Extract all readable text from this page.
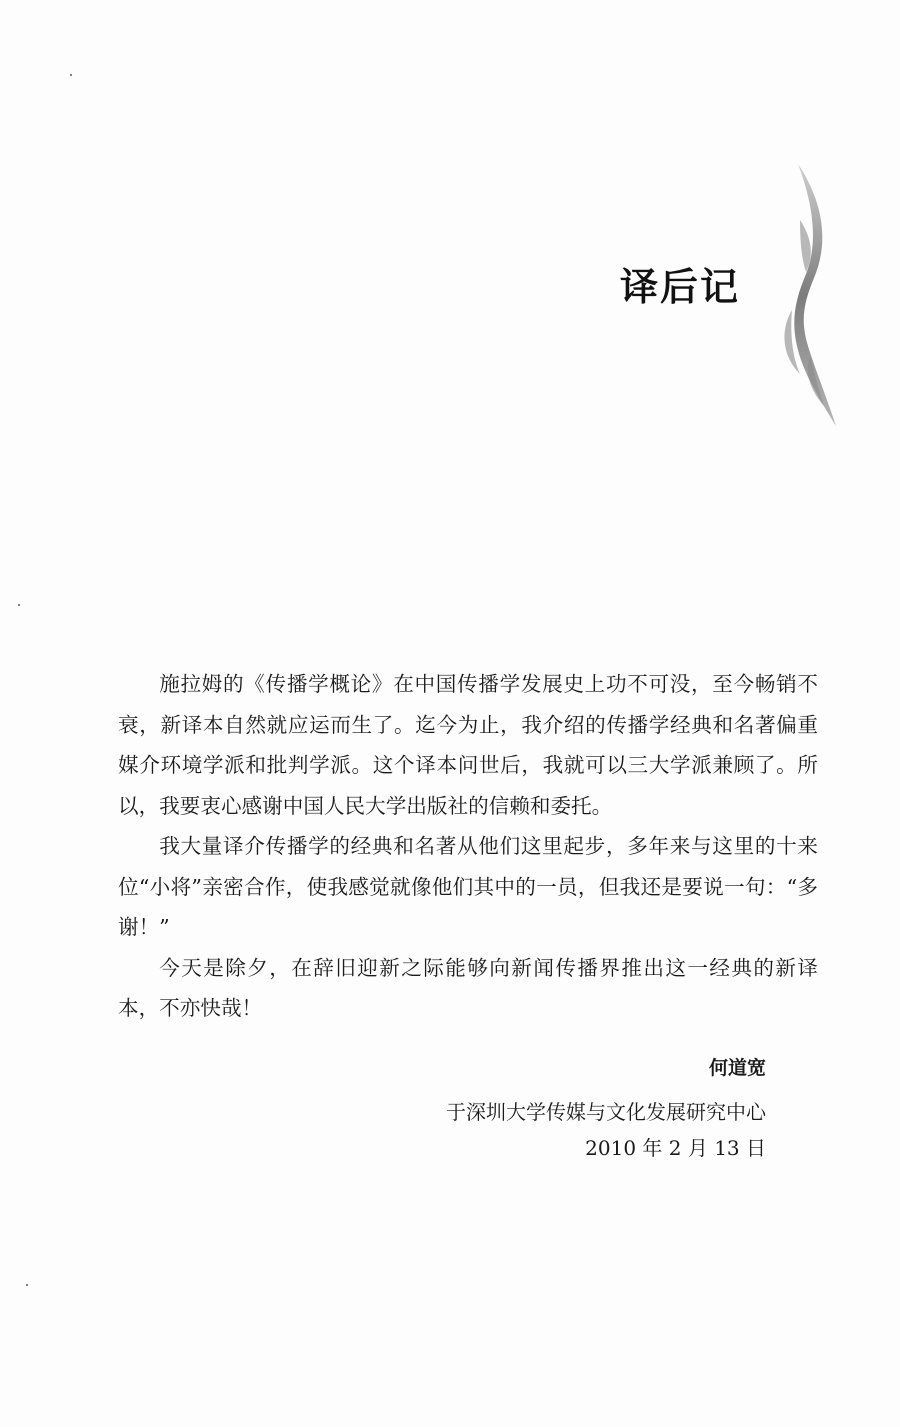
译后记

施拉姆的《传播学概论》在中国传播学发展史上功不可没，至今畅销不衰，新译本自然就应运而生了。迄今为止，我介绍的传播学经典和名著偏重媒介环境学派和批判学派。这个译本问世后，我就可以三大学派兼顾了。所以，我要衷心感谢中国人民大学出版社的信赖和委托。

我大量译介传播学的经典和名著从他们这里起步，多年来与这里的十来位“小将”亲密合作，使我感觉就像他们其中的一员，但我还是要说一句：“多谢！”

今天是除夕，在辞旧迎新之际能够向新闻传播界推出这一经典的新译本，不亦快哉！

何道宽
于深圳大学传媒与文化发展研究中心
2010 年 2 月 13 日
